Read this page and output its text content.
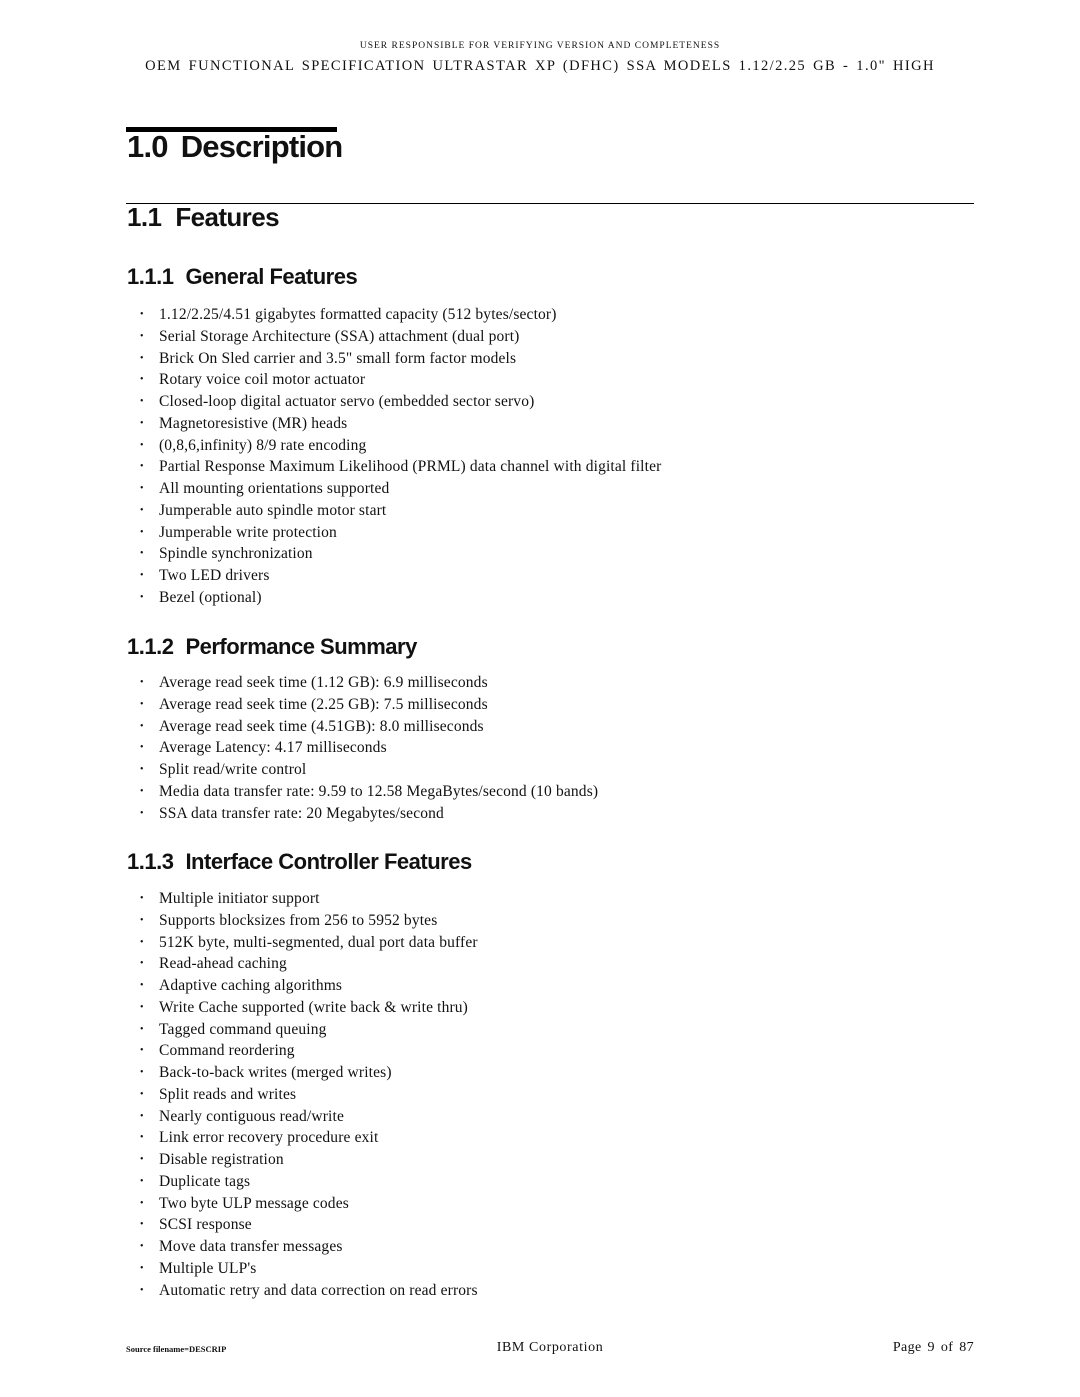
USER RESPONSIBLE FOR VERIFYING VERSION AND COMPLETENESS
OEM FUNCTIONAL SPECIFICATION ULTRASTAR XP (DFHC) SSA MODELS 1.12/2.25 GB - 1.0" HIGH
1.0 Description
1.1 Features
1.1.1 General Features
• 1.12/2.25/4.51 gigabytes formatted capacity (512 bytes/sector)
• Serial Storage Architecture (SSA) attachment (dual port)
• Brick On Sled carrier and 3.5" small form factor models
• Rotary voice coil motor actuator
• Closed-loop digital actuator servo (embedded sector servo)
• Magnetoresistive (MR) heads
• (0,8,6,infinity) 8/9 rate encoding
• Partial Response Maximum Likelihood (PRML) data channel with digital filter
• All mounting orientations supported
• Jumperable auto spindle motor start
• Jumperable write protection
• Spindle synchronization
• Two LED drivers
• Bezel (optional)
1.1.2 Performance Summary
• Average read seek time (1.12 GB): 6.9 milliseconds
• Average read seek time (2.25 GB): 7.5 milliseconds
• Average read seek time (4.51GB): 8.0 milliseconds
• Average Latency: 4.17 milliseconds
• Split read/write control
• Media data transfer rate: 9.59 to 12.58 MegaBytes/second (10 bands)
• SSA data transfer rate: 20 Megabytes/second
1.1.3 Interface Controller Features
• Multiple initiator support
• Supports blocksizes from 256 to 5952 bytes
• 512K byte, multi-segmented, dual port data buffer
• Read-ahead caching
• Adaptive caching algorithms
• Write Cache supported (write back & write thru)
• Tagged command queuing
• Command reordering
• Back-to-back writes (merged writes)
• Split reads and writes
• Nearly contiguous read/write
• Link error recovery procedure exit
• Disable registration
• Duplicate tags
• Two byte ULP message codes
• SCSI response
• Move data transfer messages
• Multiple ULP's
• Automatic retry and data correction on read errors
Source filename=DESCRIP	IBM Corporation	Page 9 of 87
